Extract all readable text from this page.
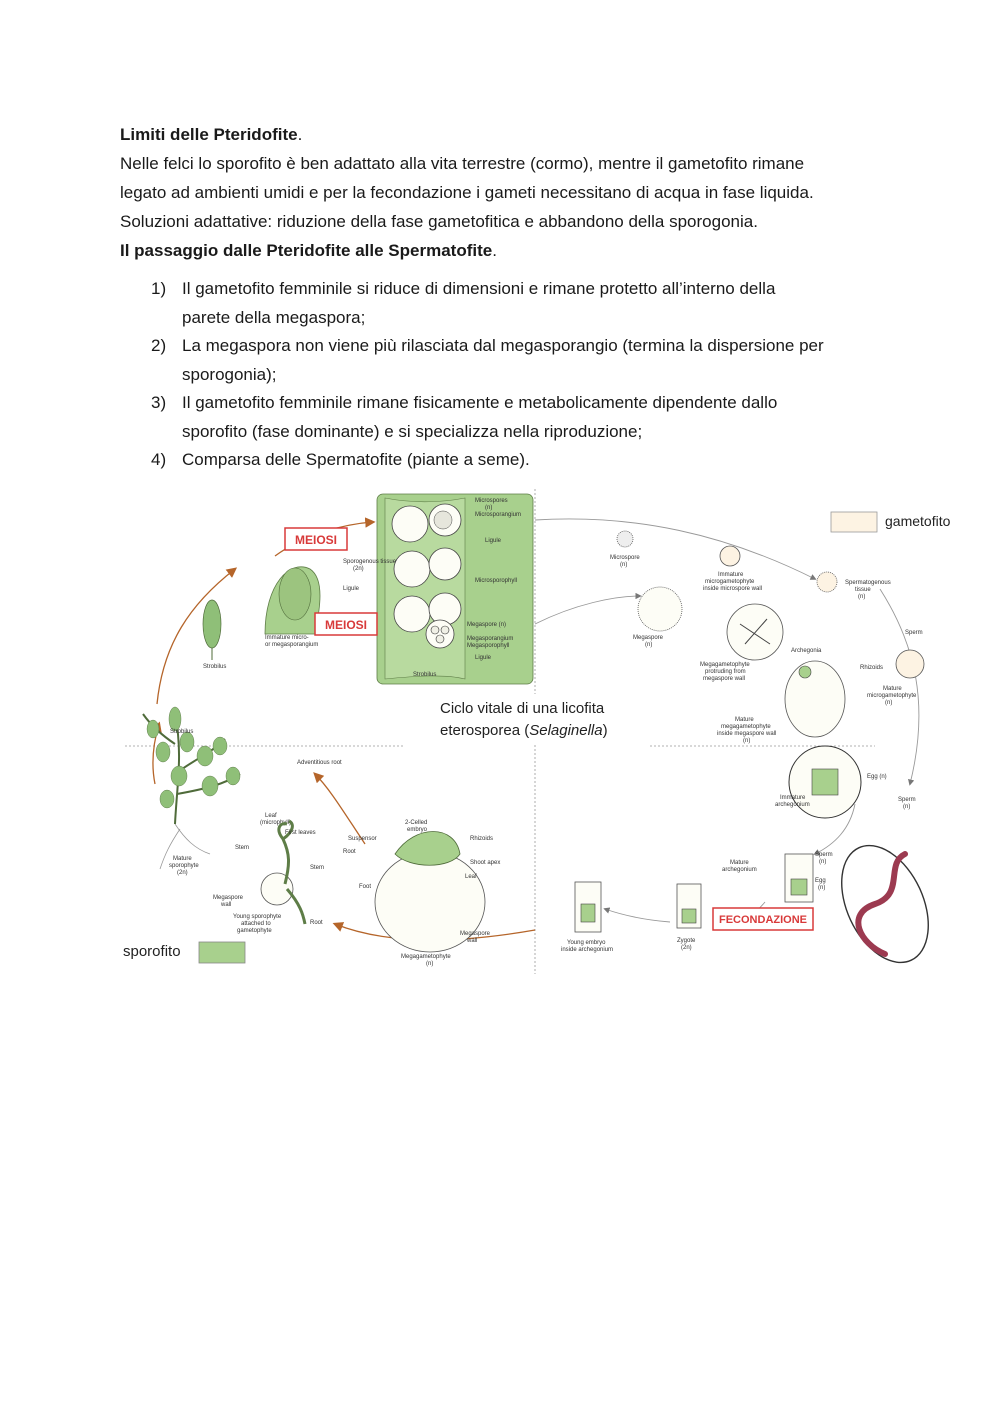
Limiti delle Pteridofite.

Nelle felci lo sporofito è ben adattato alla vita terrestre (cormo), mentre il gametofito rimane

legato ad ambienti umidi e per la fecondazione i gameti necessitano di acqua in fase liquida.

Soluzioni adattative: riduzione della fase gametofitica e abbandono della sporogonia.

Il passaggio dalle Pteridofite alle Spermatofite.

1) Il gametofito femminile si riduce di dimensioni e rimane protetto all’interno della
parete della megaspora;
2) La megaspora non viene più rilasciata dal megasporangio (termina la dispersione per
sporogonia);
3) Il gametofito femminile rimane fisicamente e metabolicamente dipendente dallo
sporofito (fase dominante) e si specializza nella riproduzione;
4) Comparsa delle Spermatofite (piante a seme).
Microspores
(n)
Microsporangium
Ligule
Microsporophyll
Megaspore (n)
Megasporangium
Megasporophyll
Ligule
Strobilus
Sporogenous tissue
(2n)
Ligule
Immature micro-
or megasporangium
Strobilus
MEIOSI
MEIOSI
gametofito
Microspore
(n)
Immature
microgametophyte
inside microspore wall
Spermatogenous
tissue
(n)
Sperm
Rhizoids
Mature
microgametophyte
(n)
Megaspore
(n)
Megagametophyte
protruding from
megaspore wall
Archegonia
Mature
megagametophyte
inside megaspore wall
(n)
Egg (n)
Sperm
(n)
Immature
archegonium
Mature
archegonium
Sperm
(n)
Egg
(n)
FECONDAZIONE
Zygote
(2n)
Young embryo
inside archegonium
Megagametophyte
(n)
Megaspore
wall
Suspensor
2-Celled
embryo
Rhizoids
Shoot apex
Leaf
Root
Foot
Strobilus
Adventitious root
Leaf
(microphyll)
Stem
Mature
sporophyte
(2n)
First leaves
Stem
Megaspore
wall
Young sporophyte
attached to
gametophyte
Root
Ciclo vitale di una licofita
eterosporea (Selaginella)
sporofito
